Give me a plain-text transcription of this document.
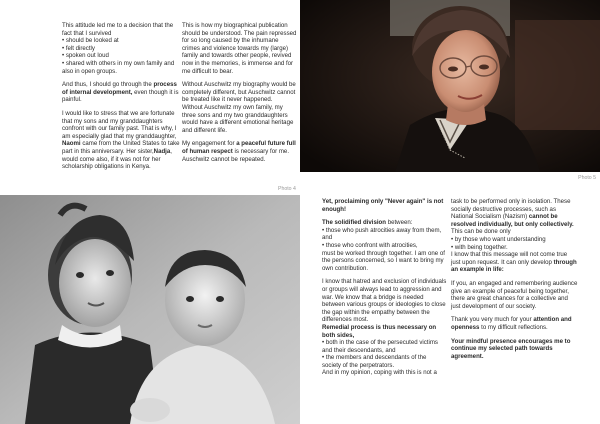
This attitude led me to a decision that the
fact that I survived
• should be looked at
• felt directly
• spoken out loud
• shared with others in my own family and
also in open groups.

And thus, I should go through the process of internal development, even though it is painful.

I would like to stress that we are fortunate that my sons and my granddaughters confront with our family past. That is why, I am especially glad that my granddaughter, Naomi came from the United States to take part in this anniversary. Her sister,Nadja, would come also, if it was not for her scholarship obligations in Kenya.

This is how my biographical publication should be understood. The pain repressed for so long caused by the inhumane crimes and violence towards my (large) family and towards other people, revived now in the memories, is immense and for me difficult to bear.

Without Auschwitz my biography would be completely different, but Auschwitz cannot be treated like it never happened.
Without Auschwitz my own family, my three sons and my two granddaughters would have a different emotional heritage and different life.

My engagement for a peaceful future full of human respect is necessary for me. Auschwitz cannot be repeated.

Photo 5
Photo 4

Yet, proclaiming only "Never again" is not enough!

The solidified division between:
• those who push atrocities away from them, and
• those who confront with atrocities,
must be worked through together. I am one of the persons concerned, so I want to bring my own contribution.

I know that hatred and exclusion of individuals or groups will always lead to aggression and war. We know that a bridge is needed between various groups or ideologies to close the gap within the empathy between the differences most.
Remedial process is thus necessary on both sides,
• both in the case of the persecuted victims and their descendants, and
• the members and descendants of the society of the perpetrators.
And in my opinion, coping with this is not a

task to be performed only in isolation. These socially destructive processes, such as National Socialism (Nazism) cannot be resolved individually, but only collectively.
This can be done only
• by those who want understanding
• with being together.
I know that this message will not come true just upon request. It can only develop through an example in life:

If you, an engaged and remembering audience give an example of peaceful being together, there are great chances for a collective and just development of our society.

Thank you very much for your attention and openness to my difficult reflections.

Your mindful presence encourages me to continue my selected path towards agreement.
